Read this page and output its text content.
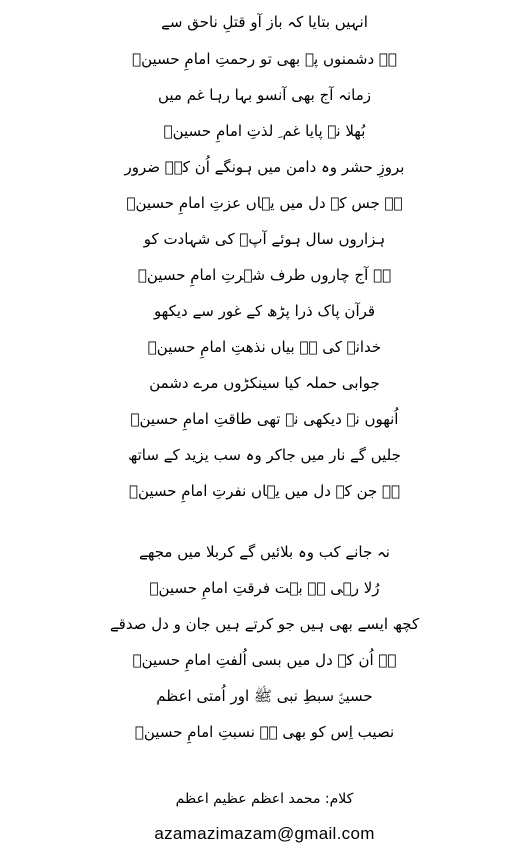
انہیں بتایا کہ باز آو قتلِ ناحق سے
ہے دشمنوں پہ بھی تو رحمتِ امامِ حسینؑ
زمانہ آج بھی آنسو بہا رہا غم میں
بُھلا نہ پایا غم ِ لذتِ امامِ حسینؑ
بروزِ حشر وہ دامن میں ہونگے اُن کےؑ ضرور
ہے جس کے دل میں یہاں عزتِ امامِ حسینؑ
ہزاروں سال ہوئے آپؑ کی شہادت کو
ہے آج چاروں طرف شہرتِ امامِ حسینؑ
قرآن پاک ذرا پڑھ کے غور سے دیکھو
خدانے کی ہے بیاں نذهتِ امامِ حسینؑ
جوابی حملہ کیا سینکڑوں مرے دشمن
اُنھوں نے دیکھی نہ تھی طاقتِ امامِ حسینؑ
جلیں گے نار میں جاکر وہ سب یزید کے ساتھ
ہے جن کے دل میں یہاں نفرتِ امامِ حسینؑ
نہ جانے کب وہ بلائیں گے کربلا میں مجھے
رُلا رہی ہے بہت فرقتِ امامِ حسینؑ
کچھ ایسے بھی ہیں جو کرتے ہیں جان و دل صدقے
ہے اُن کے دل میں بسی اُلفتِ امامِ حسینؑ
حسینؑ سبطِ نبی ﷺ اور اُمتی اعظم
نصیب اِس کو بھی ہے نسبتِ امامِ حسینؑ
کلام: محمد اعظم عظیم اعظم
azamazimazam@gmail.com
